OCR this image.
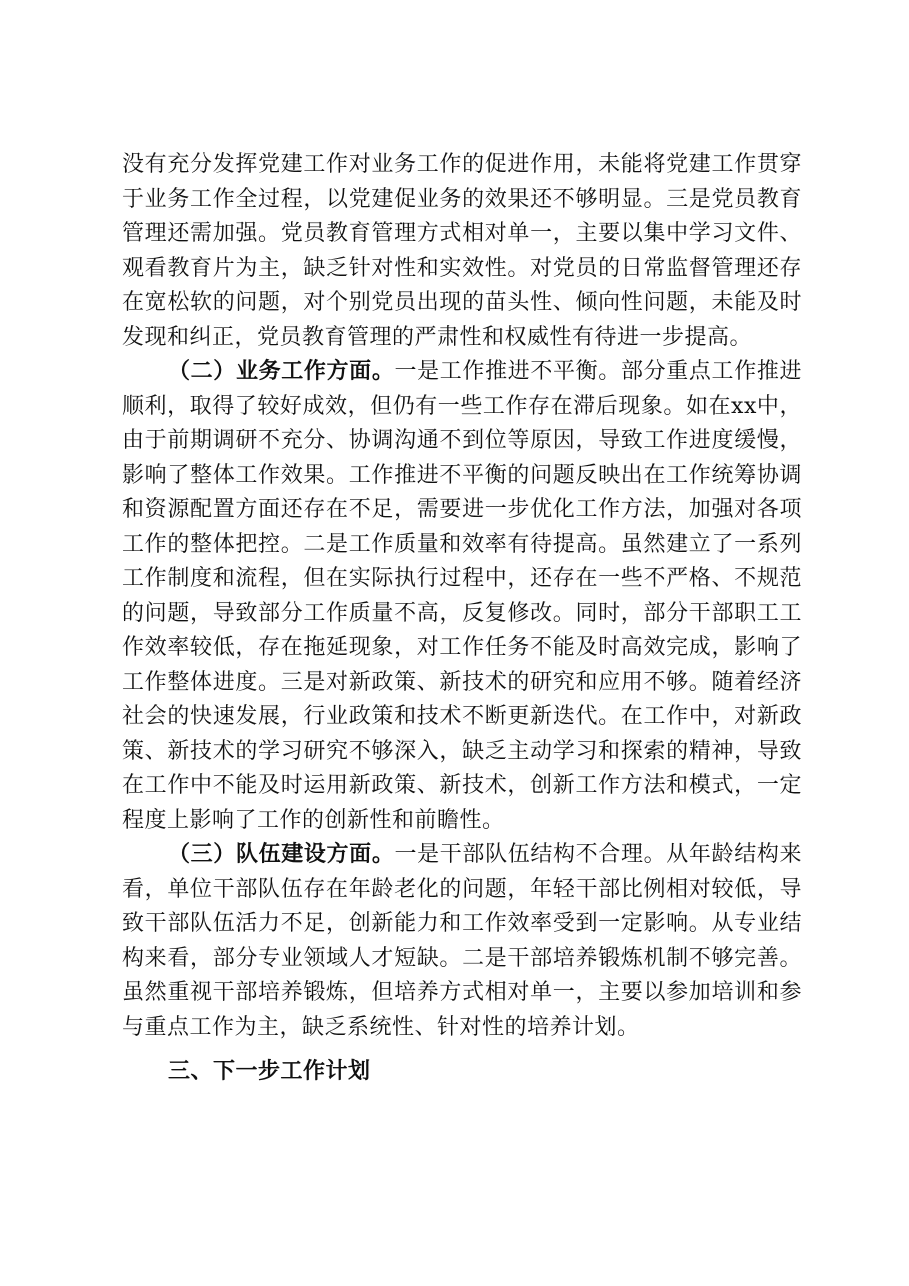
没有充分发挥党建工作对业务工作的促进作用，未能将党建工作贯穿于业务工作全过程，以党建促业务的效果还不够明显。三是党员教育管理还需加强。党员教育管理方式相对单一，主要以集中学习文件、观看教育片为主，缺乏针对性和实效性。对党员的日常监督管理还存在宽松软的问题，对个别党员出现的苗头性、倾向性问题，未能及时发现和纠正，党员教育管理的严肃性和权威性有待进一步提高。

（二）业务工作方面。一是工作推进不平衡。部分重点工作推进顺利，取得了较好成效，但仍有一些工作存在滞后现象。如在xx中，由于前期调研不充分、协调沟通不到位等原因，导致工作进度缓慢，影响了整体工作效果。工作推进不平衡的问题反映出在工作统筹协调和资源配置方面还存在不足，需要进一步优化工作方法，加强对各项工作的整体把控。二是工作质量和效率有待提高。虽然建立了一系列工作制度和流程，但在实际执行过程中，还存在一些不严格、不规范的问题，导致部分工作质量不高，反复修改。同时，部分干部职工工作效率较低，存在拖延现象，对工作任务不能及时高效完成，影响了工作整体进度。三是对新政策、新技术的研究和应用不够。随着经济社会的快速发展，行业政策和技术不断更新迭代。在工作中，对新政策、新技术的学习研究不够深入，缺乏主动学习和探索的精神，导致在工作中不能及时运用新政策、新技术，创新工作方法和模式，一定程度上影响了工作的创新性和前瞻性。

（三）队伍建设方面。一是干部队伍结构不合理。从年龄结构来看，单位干部队伍存在年龄老化的问题，年轻干部比例相对较低，导致干部队伍活力不足，创新能力和工作效率受到一定影响。从专业结构来看，部分专业领域人才短缺。二是干部培养锻炼机制不够完善。虽然重视干部培养锻炼，但培养方式相对单一，主要以参加培训和参与重点工作为主，缺乏系统性、针对性的培养计划。

三、下一步工作计划
